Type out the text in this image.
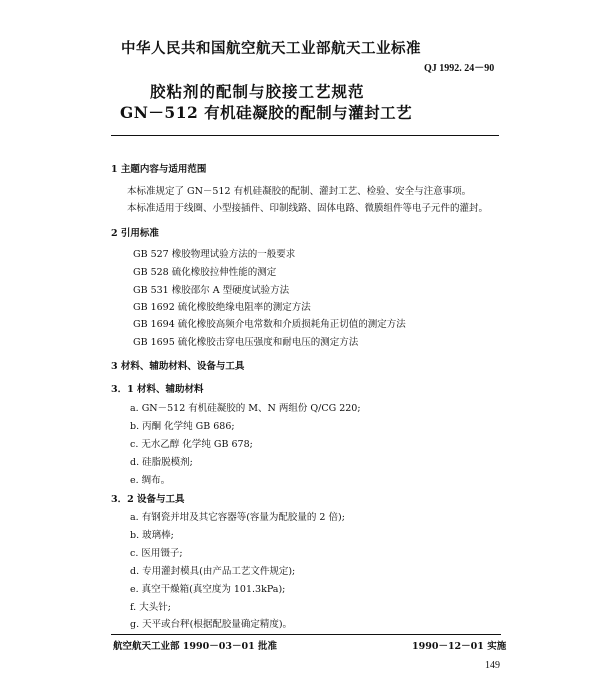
中华人民共和国航空航天工业部航天工业标准
QJ 1992. 24－90
胶粘剂的配制与胶接工艺规范
GN－512 有机硅凝胶的配制与灌封工艺
1 主题内容与适用范围
本标准规定了 GN－512 有机硅凝胶的配制、灌封工艺、检验、安全与注意事项。
本标准适用于线圈、小型接插件、印制线路、固体电路、微膜组件等电子元件的灌封。
2 引用标准
GB 527 橡胶物理试验方法的一般要求
GB 528 硫化橡胶拉伸性能的测定
GB 531 橡胶邵尔 A 型硬度试验方法
GB 1692 硫化橡胶绝缘电阻率的测定方法
GB 1694 硫化橡胶高频介电常数和介质损耗角正切值的测定方法
GB 1695 硫化橡胶击穿电压强度和耐电压的测定方法
3 材料、辅助材料、设备与工具
3．1 材料、辅助材料
a. GN－512 有机硅凝胶的 M、N 两组份 Q/CG 220;
b. 丙酮 化学纯 GB 686;
c. 无水乙醇 化学纯 GB 678;
d. 硅脂脱模剂;
e. 绸布。
3．2 设备与工具
a. 有钢瓷并坩及其它容器等(容量为配胶量的 2 倍);
b. 玻璃棒;
c. 医用镊子;
d. 专用灌封模具(由产品工艺文件规定);
e. 真空干燥箱(真空度为 101.3kPa);
f. 大头针;
g. 天平或台秤(根据配胶量确定精度)。
航空航天工业部 1990－03－01 批准	1990－12－01 实施
149
